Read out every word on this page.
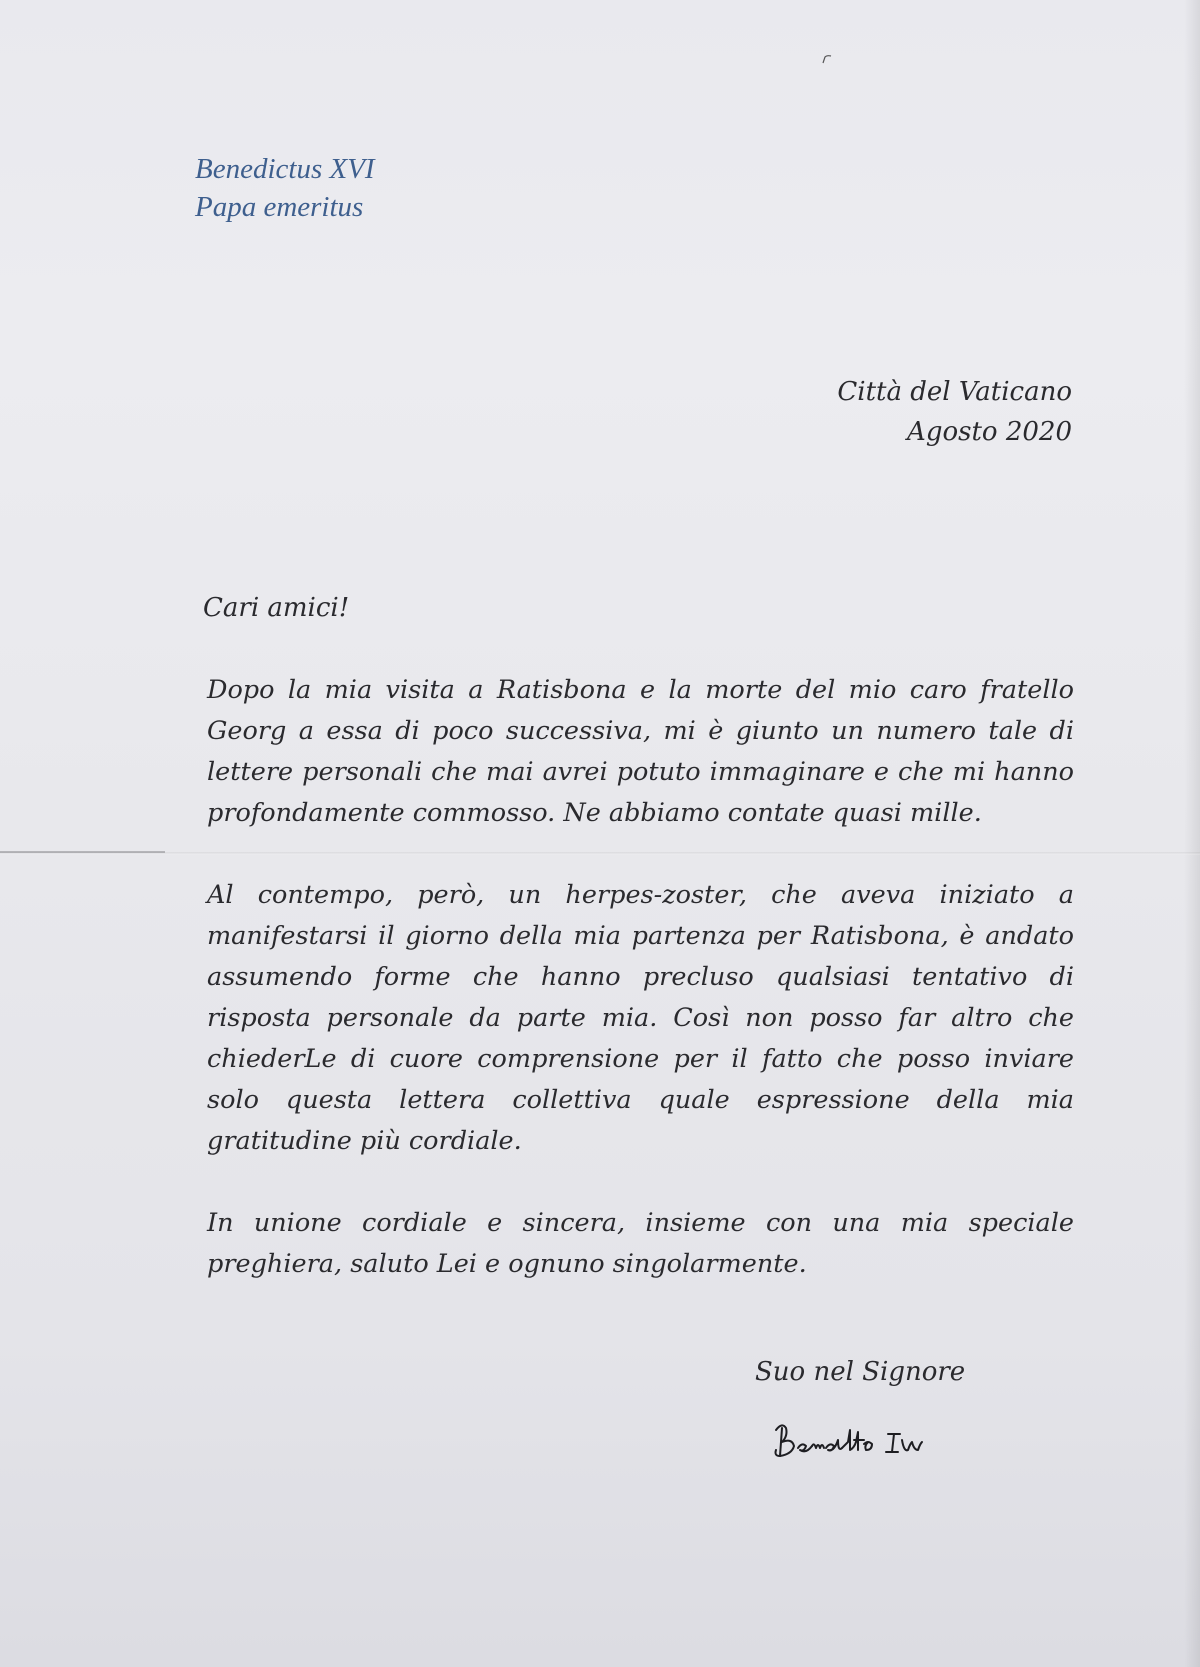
Benedictus XVI
Papa emeritus
Città del Vaticano
Agosto 2020
Cari amici!

Dopo la mia visita a Ratisbona e la morte del mio caro fratello Georg a essa di poco successiva, mi è giunto un numero tale di lettere personali che mai avrei potuto immaginare e che mi hanno profondamente commosso. Ne abbiamo contate quasi mille.

Al contempo, però, un herpes-zoster, che aveva iniziato a manifestarsi il giorno della mia partenza per Ratisbona, è andato assumendo forme che hanno precluso qualsiasi tentativo di risposta personale da parte mia. Così non posso far altro che chiederLe di cuore comprensione per il fatto che posso inviare solo questa lettera collettiva quale espressione della mia gratitudine più cordiale.

In unione cordiale e sincera, insieme con una mia speciale preghiera, saluto Lei e ognuno singolarmente.

Suo nel Signore
